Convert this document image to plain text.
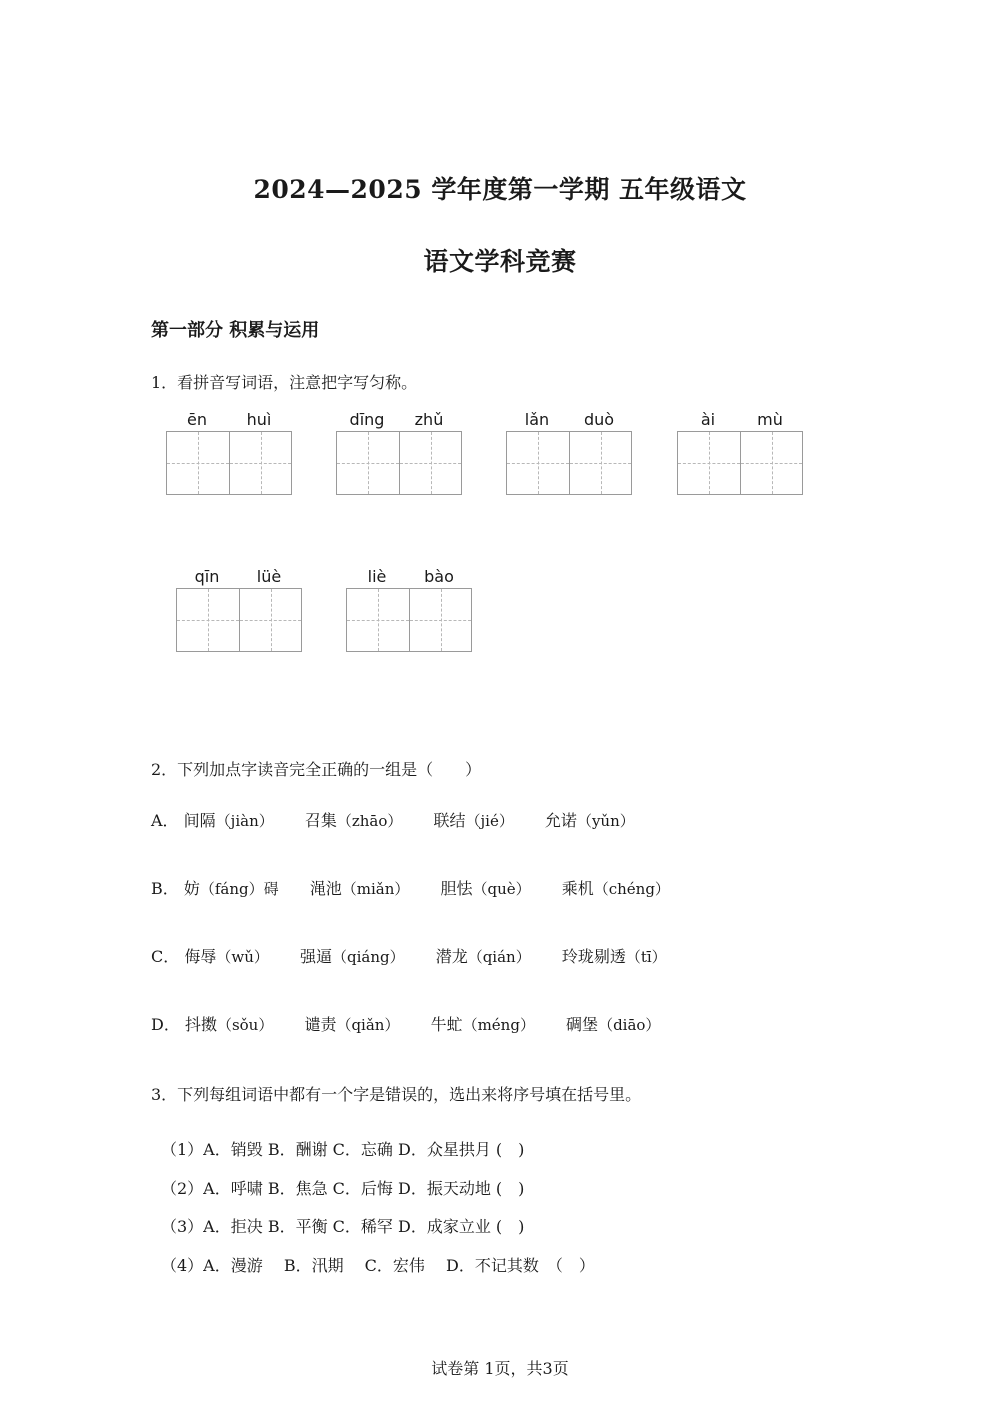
2024—2025 学年度第一学期 五年级语文
语文学科竞赛
第一部分 积累与运用
1．看拼音写词语，注意把字写匀称。
ēn	huì	dīng	zhǔ	lǎn	duò	ài	mù
qīn	lüè	liè	bào
2．下列加点字读音完全正确的一组是（　　）
A． 间隔（jiàn） 召集（zhāo） 联结（jié） 允诺（yǔn）
B． 妨（fáng）碍 渑池（miǎn） 胆怯（què） 乘机（chéng）
C． 侮辱（wǔ） 强逼（qiáng） 潜龙（qián） 玲珑剔透（tī）
D． 抖擞（sǒu） 谴责（qiǎn） 牛虻（méng） 碉堡（diāo）
3．下列每组词语中都有一个字是错误的，选出来将序号填在括号里。
（1）A．销毁 B．酬谢 C．忘确 D．众星拱月 (　)
（2）A．呼啸 B．焦急 C．后悔 D．振天动地 (　)
（3）A．拒决 B．平衡 C．稀罕 D．成家立业 (　)
（4）A．漫游　 B．汛期　 C．宏伟　 D．不记其数　（　）
试卷第 1页，共3页
